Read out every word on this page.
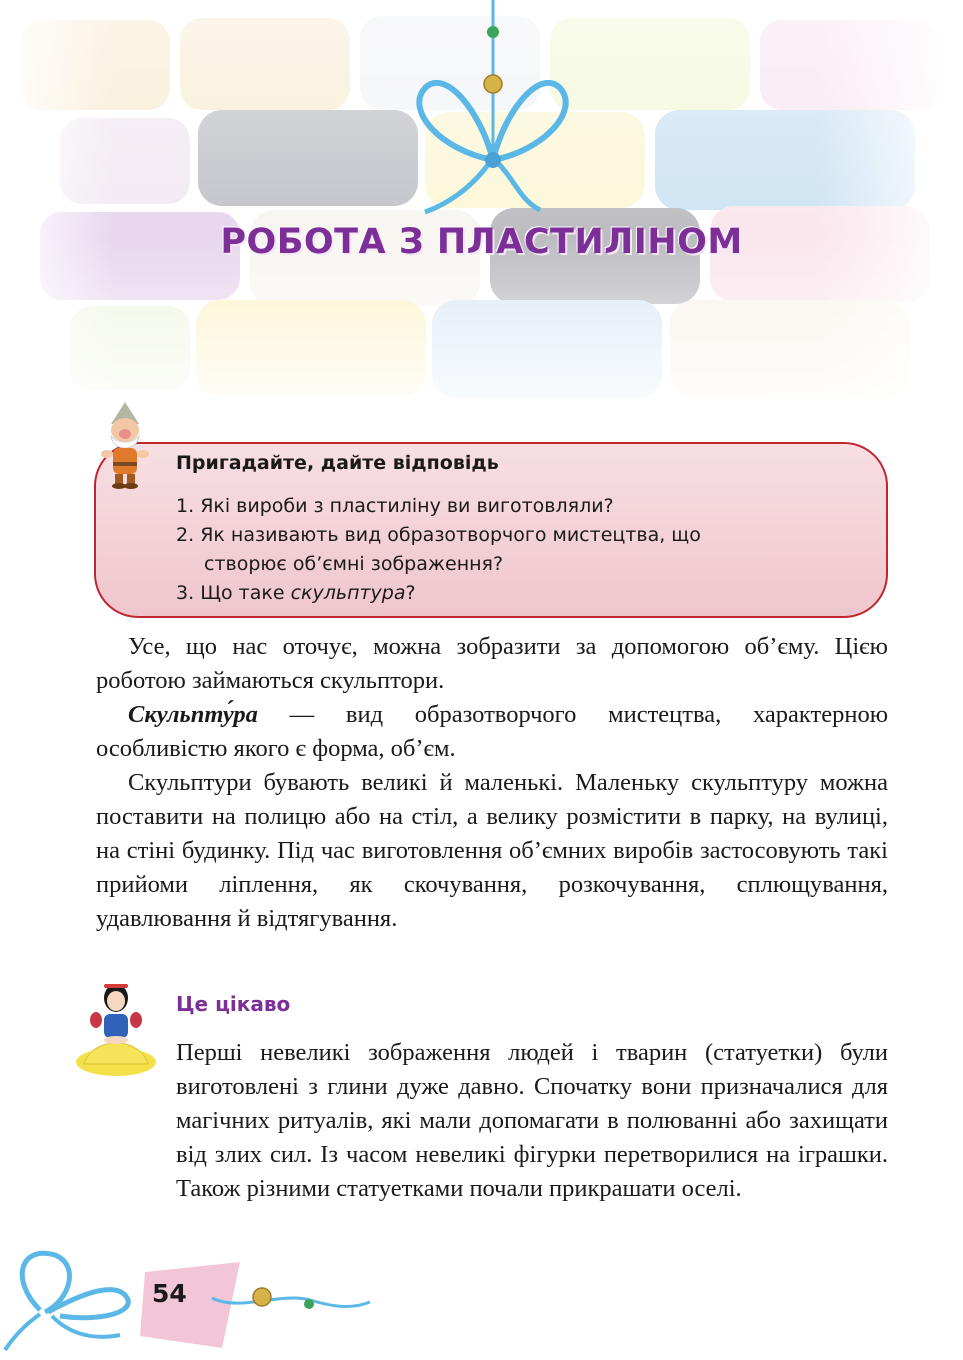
РОБОТА З ПЛАСТИЛІНОМ
Пригадайте, дайте відповідь
1. Які вироби з пластиліну ви виготовляли?
2. Як називають вид образотворчого мистецтва, що
створює об’ємні зображення?
3. Що таке скульптура?

Усе, що нас оточує, можна зобразити за допомогою об’єму. Цією роботою займаються скульптори.

Скульпту́ра — вид образотворчого мистецтва, характерною особливістю якого є форма, об’єм.

Скульптури бувають великі й маленькі. Маленьку скульптуру можна поставити на полицю або на стіл, а велику розмістити в парку, на вулиці, на стіні будинку. Під час виготовлення об’ємних виробів застосовують такі прийоми ліплення, як скочування, розкочування, сплющування, удавлювання й відтягування.

Це цікаво

Перші невеликі зображення людей і тварин (статуетки) були виготовлені з глини дуже давно. Спочатку вони призначалися для магічних ритуалів, які мали допомагати в полюванні або захищати від злих сил. Із часом невеликі фігурки перетворилися на іграшки. Також різними статуетками почали прикрашати оселі.

54
